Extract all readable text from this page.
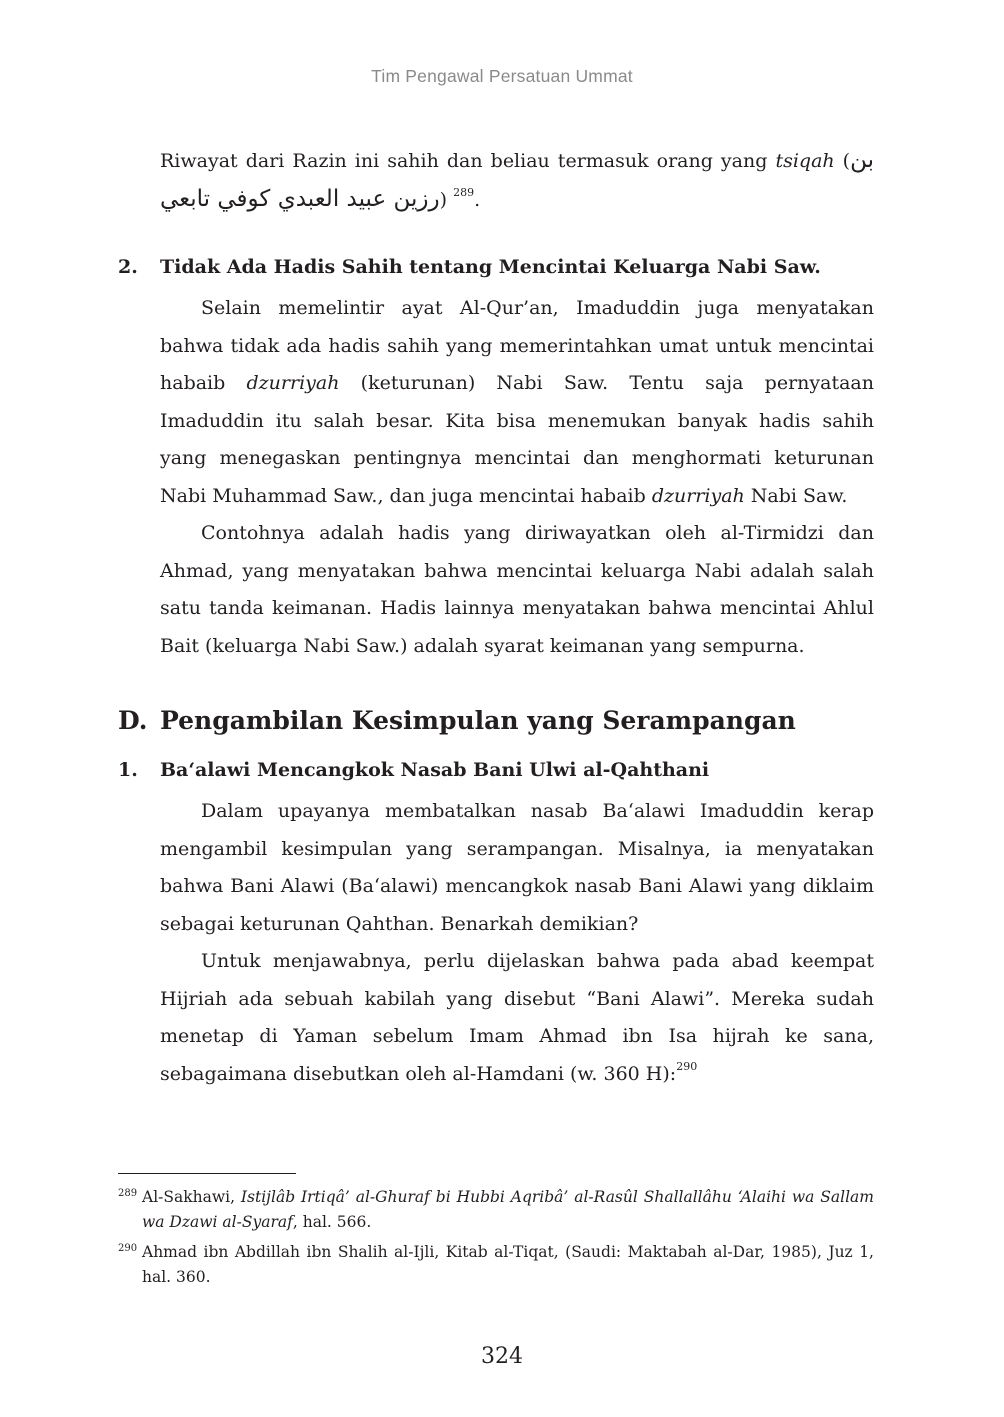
Tim Pengawal Persatuan Ummat

Riwayat dari Razin ini sahih dan beliau termasuk orang yang tsiqah (بن رزين عبيد العبدي كوفي تابعي) $^{289}$.

2. Tidak Ada Hadis Sahih tentang Mencintai Keluarga Nabi Saw.

Selain memelintir ayat Al-Qur’an, Imaduddin juga menyatakan bahwa tidak ada hadis sahih yang memerintahkan umat untuk mencintai habaib dzurriyah (keturunan) Nabi Saw. Tentu saja pernyataan Imaduddin itu salah besar. Kita bisa menemukan banyak hadis sahih yang menegaskan pentingnya mencintai dan menghormati keturunan Nabi Muhammad Saw., dan juga mencintai habaib dzurriyah Nabi Saw.

Contohnya adalah hadis yang diriwayatkan oleh al-Tirmidzi dan Ahmad, yang menyatakan bahwa mencintai keluarga Nabi adalah salah satu tanda keimanan. Hadis lainnya menyatakan bahwa mencintai Ahlul Bait (keluarga Nabi Saw.) adalah syarat keimanan yang sempurna.

D. Pengambilan Kesimpulan yang Serampangan
1. Ba‘alawi Mencangkok Nasab Bani Ulwi al-Qahthani

Dalam upayanya membatalkan nasab Ba‘alawi Imaduddin kerap mengambil kesimpulan yang serampangan. Misalnya, ia menyatakan bahwa Bani Alawi (Ba‘alawi) mencangkok nasab Bani Alawi yang diklaim sebagai keturunan Qahthan. Benarkah demikian?

Untuk menjawabnya, perlu dijelaskan bahwa pada abad keempat Hijriah ada sebuah kabilah yang disebut “Bani Alawi”. Mereka sudah menetap di Yaman sebelum Imam Ahmad ibn Isa hijrah ke sana, sebagaimana disebutkan oleh al-Hamdani (w. 360 H):$^{290}$

289 Al-Sakhawi, Istijlâb Irtiqâ’ al-Ghuraf bi Hubbi Aqribâ’ al-Rasûl Shallallâhu ‘Alaihi wa Sallam wa Dzawi al-Syaraf, hal. 566.
290 Ahmad ibn Abdillah ibn Shalih al-Ijli, Kitab al-Tiqat, (Saudi: Maktabah al-Dar, 1985), Juz 1, hal. 360.
324
